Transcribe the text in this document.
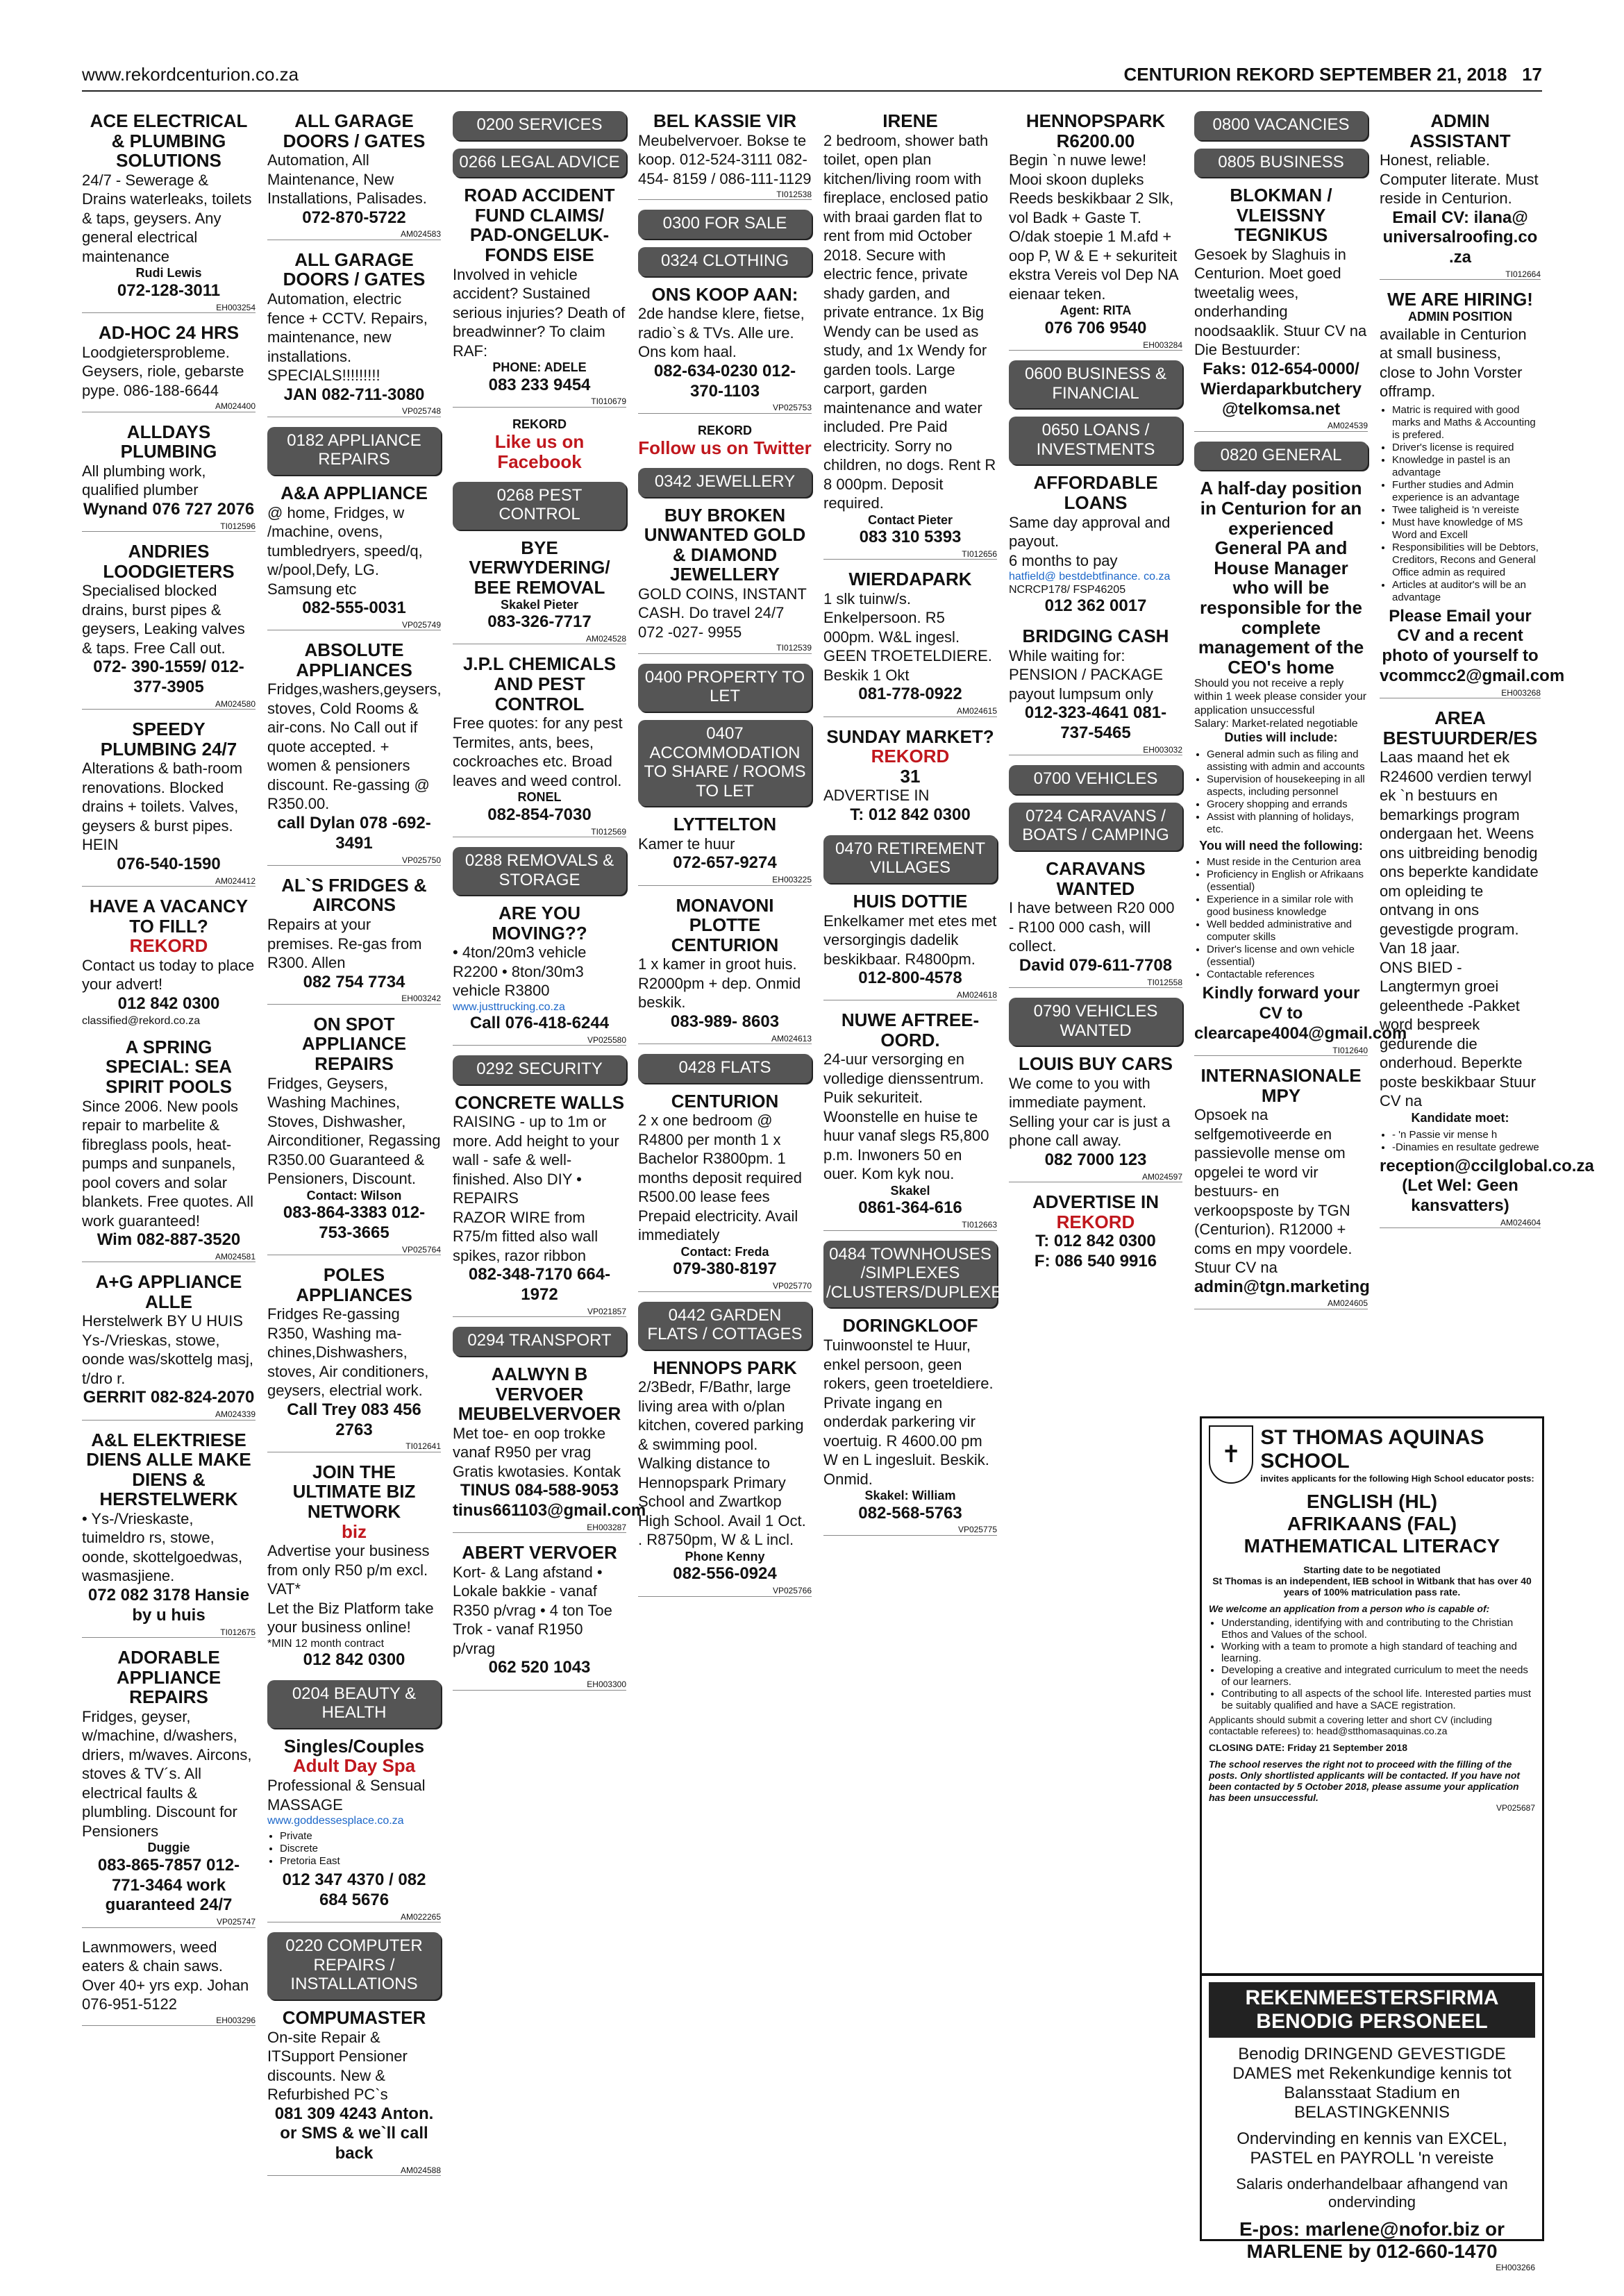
www.rekordcenturion.co.za	CENTURION REKORD SEPTEMBER 21, 2018 17
ACE ELECTRICAL & PLUMBING SOLUTIONS
24/7 - Sewerage & Drains waterleaks, toilets & taps, geysers. Any general electrical maintenance
Rudi Lewis
072-128-3011
EH003254
AD-HOC 24 HRS
Loodgietersprobleme. Geysers, riole, gebarste pype. 086-188-6644
AM024400
ALLDAYS PLUMBING
All plumbing work, qualified plumber
Wynand 076 727 2076
TI012596
ANDRIES LOODGIETERS
Specialised blocked drains, burst pipes & geysers, Leaking valves & taps. Free Call out.
072- 390-1559/ 012-377-3905
AM024580
SPEEDY PLUMBING 24/7
Alterations & bath-room renovations. Blocked drains + toilets. Valves, geysers & burst pipes. HEIN
076-540-1590
AM024412
HAVE A VACANCY TO FILL?
REKORD
Contact us today to place your advert!
012 842 0300
classified@rekord.co.za
A SPRING SPECIAL: SEA SPIRIT POOLS
Since 2006. New pools repair to marbelite & fibreglass pools, heat-pumps and sunpanels, pool covers and solar blankets. Free quotes. All work guaranteed!
Wim 082-887-3520
AM024581
A+G APPLIANCE ALLE
Herstelwerk BY U HUIS Ys-/Vrieskas, stowe, oonde was/skottelg masj, t/dro r.
GERRIT 082-824-2070
AM024339
A&L ELEKTRIESE DIENS ALLE MAKE DIENS & HERSTELWERK
• Ys-/Vrieskaste, tuimeldro rs, stowe, oonde, skottelgoedwas, wasmasjiene.
072 082 3178 Hansie by u huis
TI012675
ADORABLE APPLIANCE REPAIRS
Fridges, geyser, w/machine, d/washers, driers, m/waves. Aircons, stoves & TV´s. All electrical faults & plumbling. Discount for Pensioners
Duggie
083-865-7857 012-771-3464 work guaranteed 24/7
VP025747
Lawnmowers, weed eaters & chain saws. Over 40+ yrs exp. Johan 076-951-5122
EH003296
ALL GARAGE DOORS / GATES
Automation, All Maintenance, New Installations, Palisades.
072-870-5722
AM024583
ALL GARAGE DOORS / GATES
Automation, electric fence + CCTV. Repairs, maintenance, new installations. SPECIALS!!!!!!!!!
JAN 082-711-3080
VP025748
0182 APPLIANCE REPAIRS
A&A APPLIANCE
@ home, Fridges, w /machine, ovens, tumbledryers, speed/q, w/pool,Defy, LG. Samsung etc
082-555-0031
VP025749
ABSOLUTE APPLIANCES
Fridges,washers,geysers, stoves, Cold Rooms & air-cons. No Call out if quote accepted. + women & pensioners discount. Re-gassing @ R350.00.
call Dylan 078 -692-3491
VP025750
AL`S FRIDGES & AIRCONS
Repairs at your premises. Re-gas from R300. Allen
082 754 7734
EH003242
ON SPOT APPLIANCE REPAIRS
Fridges, Geysers, Washing Machines, Stoves, Dishwasher, Airconditioner, Regassing R350.00 Guaranteed & Pensioners, Discount.
Contact: Wilson
083-864-3383 012-753-3665
VP025764
POLES APPLIANCES
Fridges Re-gassing R350, Washing ma-chines,Dishwashers, stoves, Air conditioners, geysers, electrial work.
Call Trey 083 456 2763
TI012641
JOIN THE ULTIMATE BIZ NETWORK
biz
Advertise your business from only R50 p/m excl. VAT*
Let the Biz Platform take your business online!
*MIN 12 month contract
012 842 0300
0204 BEAUTY & HEALTH
Singles/Couples
Adult Day Spa
Professional & Sensual MASSAGE
www.goddessesplace.co.za
• Private
• Discrete
• Pretoria East
012 347 4370 / 082 684 5676
AM022265
0220 COMPUTER REPAIRS / INSTALLATIONS
COMPUMASTER
On-site Repair & ITSupport Pensioner discounts. New & Refurbished PC`s
081 309 4243 Anton. or SMS & we`ll call back
AM024588
0200 SERVICES
0266 LEGAL ADVICE
ROAD ACCIDENT FUND CLAIMS/ PAD-ONGELUK-FONDS EISE
Involved in vehicle accident? Sustained serious injuries? Death of breadwinner? To claim RAF:
PHONE: ADELE
083 233 9454
TI010679
REKORD
Like us on Facebook
0268 PEST CONTROL
BYE VERWYDERING/ BEE REMOVAL
Skakel Pieter
083-326-7717
AM024528
J.P.L CHEMICALS AND PEST CONTROL
Free quotes: for any pest Termites, ants, bees, cockroaches etc. Broad leaves and weed control.
RONEL
082-854-7030
TI012569
0288 REMOVALS & STORAGE
ARE YOU MOVING??
• 4ton/20m3 vehicle R2200 • 8ton/30m3 vehicle R3800
www.justtrucking.co.za
Call 076-418-6244
VP025580
0292 SECURITY
CONCRETE WALLS
RAISING - up to 1m or more. Add height to your wall - safe & well-finished. Also DIY • REPAIRS
RAZOR WIRE from R75/m fitted also wall spikes, razor ribbon
082-348-7170 664-1972
VP021857
0294 TRANSPORT
AALWYN B VERVOER MEUBELVERVOER
Met toe- en oop trokke vanaf R950 per vrag Gratis kwotasies. Kontak
TINUS 084-588-9053 tinus661103@gmail.com
EH003287
ABERT VERVOER
Kort- & Lang afstand • Lokale bakkie - vanaf R350 p/vrag • 4 ton Toe Trok - vanaf R1950 p/vrag
062 520 1043
EH003300
BEL KASSIE VIR
Meubelvervoer. Bokse te koop. 012-524-3111 082-454- 8159 / 086-111-1129
TI012538
0300 FOR SALE
0324 CLOTHING
ONS KOOP AAN:
2de handse klere, fietse, radio`s & TVs. Alle ure. Ons kom haal.
082-634-0230 012-370-1103
VP025753
REKORD
Follow us on Twitter
0342 JEWELLERY
BUY BROKEN UNWANTED GOLD & DIAMOND JEWELLERY
GOLD COINS, INSTANT CASH. Do travel 24/7 072 -027- 9955
TI012539
0400 PROPERTY TO LET
0407 ACCOMMODATION TO SHARE / ROOMS TO LET
LYTTELTON
Kamer te huur
072-657-9274
EH003225
MONAVONI PLOTTE CENTURION
1 x kamer in groot huis. R2000pm + dep. Onmid beskik.
083-989- 8603
AM024613
0428 FLATS
CENTURION
2 x one bedroom @ R4800 per month 1 x Bachelor R3800pm. 1 months deposit required R500.00 lease fees Prepaid electricity. Avail immediately
Contact: Freda
079-380-8197
VP025770
0442 GARDEN FLATS / COTTAGES
HENNOPS PARK
2/3Bedr, F/Bathr, large living area with o/plan kitchen, covered parking & swimming pool. Walking distance to Hennopspark Primary School and Zwartkop High School. Avail 1 Oct. . R8750pm, W & L incl.
Phone Kenny
082-556-0924
VP025766
IRENE
2 bedroom, shower bath toilet, open plan kitchen/living room with fireplace, enclosed patio with braai garden flat to rent from mid October 2018. Secure with electric fence, private shady garden, and private entrance. 1x Big Wendy can be used as study, and 1x Wendy for garden tools. Large carport, garden maintenance and water included. Pre Paid electricity. Sorry no children, no dogs. Rent R 8 000pm. Deposit required.
Contact Pieter
083 310 5393
TI012656
WIERDAPARK
1 slk tuinw/s. Enkelpersoon. R5 000pm. W&L ingesl. GEEN TROETELDIERE. Beskik 1 Okt
081-778-0922
AM024615
SUNDAY MARKET?
REKORD
31
ADVERTISE IN
T: 012 842 0300
0470 RETIREMENT VILLAGES
HUIS DOTTIE
Enkelkamer met etes met versorgingis dadelik beskikbaar. R4800pm.
012-800-4578
AM024618
NUWE AFTREE-OORD.
24-uur versorging en volledige dienssentrum. Puik sekuriteit. Woonstelle en huise te huur vanaf slegs R5,800 p.m. Inwoners 50 en ouer. Kom kyk nou.
Skakel
0861-364-616
TI012663
0484 TOWNHOUSES /SIMPLEXES /CLUSTERS/DUPLEXES
DORINGKLOOF
Tuinwoonstel te Huur, enkel persoon, geen rokers, geen troeteldiere. Private ingang en onderdak parkering vir voertuig. R 4600.00 pm W en L ingesluit. Beskik. Onmid.
Skakel: William
082-568-5763
VP025775
HENNOPSPARK R6200.00
Begin `n nuwe lewe! Mooi skoon dupleks Reeds beskikbaar 2 Slk, vol Badk + Gaste T. O/dak stoepie 1 M.afd + oop P, W & E + sekuriteit ekstra Vereis vol Dep NA eienaar teken.
Agent: RITA
076 706 9540
EH003284
0600 BUSINESS & FINANCIAL
0650 LOANS / INVESTMENTS
AFFORDABLE LOANS
Same day approval and payout.
6 months to pay
hatfield@ bestdebtfinance. co.za
NCRCP178/ FSP46205
012 362 0017
BRIDGING CASH
While waiting for: PENSION / PACKAGE payout lumpsum only
012-323-4641 081-737-5465
EH003032
0700 VEHICLES
0724 CARAVANS / BOATS / CAMPING
CARAVANS WANTED
I have between R20 000 - R100 000 cash, will collect.
David 079-611-7708
TI012558
0790 VEHICLES WANTED
LOUIS BUY CARS
We come to you with immediate payment.
Selling your car is just a phone call away.
082 7000 123
AM024597
ADVERTISE IN
REKORD
T: 012 842 0300
F: 086 540 9916
0800 VACANCIES
0805 BUSINESS
BLOKMAN / VLEISSNY TEGNIKUS
Gesoek by Slaghuis in Centurion. Moet goed tweetalig wees, onderhanding noodsaaklik. Stuur CV na Die Bestuurder:
Faks: 012-654-0000/ Wierdaparkbutchery @telkomsa.net
AM024539
0820 GENERAL
A half-day position in Centurion for an experienced General PA and House Manager who will be responsible for the complete management of the CEO's home
Should you not receive a reply within 1 week please consider your application unsuccessful
Salary: Market-related negotiable
Duties will include:
• General admin such as filing and assisting with admin and accounts
• Supervision of housekeeping in all aspects, including personnel
• Grocery shopping and errands
• Assist with planning of holidays, etc.
You will need the following:
• Must reside in the Centurion area
• Proficiency in English or Afrikaans (essential)
• Experience in a similar role with good business knowledge
• Well bedded administrative and computer skills
• Driver's license and own vehicle (essential)
• Contactable references
Kindly forward your CV to clearcape4004@gmail.com
TI012640
INTERNASIONALE MPY
Opsoek na selfgemotiveerde en passievolle mense om opgelei te word vir bestuurs- en verkoopsposte by TGN (Centurion). R12000 + coms en mpy voordele. Stuur CV na
admin@tgn.marketing
AM024605
ADMIN ASSISTANT
Honest, reliable. Computer literate. Must reside in Centurion.
Email CV: ilana@ universalroofing.co .za
TI012664
WE ARE HIRING!
ADMIN POSITION
available in Centurion at small business, close to John Vorster offramp.
• Matric is required with good marks and Maths & Accounting is prefered.
• Driver's license is required
• Knowledge in pastel is an advantage
• Further studies and Admin experience is an advantage
• Twee taligheid is 'n vereiste
• Must have knowledge of MS Word and Excell
• Responsibilities will be Debtors, Creditors, Recons and General Office admin as required
• Articles at auditor's will be an advantage
Please Email your CV and a recent photo of yourself to vcommcc2@gmail.com
EH003268
AREA BESTUURDER/ES
Laas maand het ek R24600 verdien terwyl ek `n bestuurs en bemarkings program ondergaan het. Weens ons uitbreiding benodig ons beperkte kandidate om opleiding te ontvang in ons gevestigde program. Van 18 jaar.
ONS BIED -Langtermyn groei geleenthede -Pakket word bespreek gedurende die onderhoud. Beperkte poste beskikbaar Stuur CV na
Kandidate moet:
• - 'n Passie vir mense h
• -Dinamies en resultate gedrewe
reception@ccilglobal.co.za (Let Wel: Geen kansvatters)
AM024604
✝
ST THOMAS AQUINAS SCHOOL
invites applicants for the following High School educator posts:
ENGLISH (HL)
AFRIKAANS (FAL)
MATHEMATICAL LITERACY
Starting date to be negotiated
St Thomas is an independent, IEB school in Witbank that has over 40 years of 100% matriculation pass rate.
We welcome an application from a person who is capable of:
• Understanding, identifying with and contributing to the Christian Ethos and Values of the school.
• Working with a team to promote a high standard of teaching and learning.
• Developing a creative and integrated curriculum to meet the needs of our learners.
• Contributing to all aspects of the school life. Interested parties must be suitably qualified and have a SACE registration.
Applicants should submit a covering letter and short CV (including contactable referees) to: head@stthomasaquinas.co.za
CLOSING DATE: Friday 21 September 2018
The school reserves the right not to proceed with the filling of the posts. Only shortlisted applicants will be contacted. If you have not been contacted by 5 October 2018, please assume your application has been unsuccessful.
VP025687
REKENMEESTERSFIRMA BENODIG PERSONEEL
Benodig DRINGEND GEVESTIGDE DAMES met Rekenkundige kennis tot Balansstaat Stadium en BELASTINGKENNIS
Ondervinding en kennis van EXCEL, PASTEL en PAYROLL 'n vereiste
Salaris onderhandelbaar afhangend van ondervinding
E-pos: marlene@nofor.biz or MARLENE by 012-660-1470
EH003266
